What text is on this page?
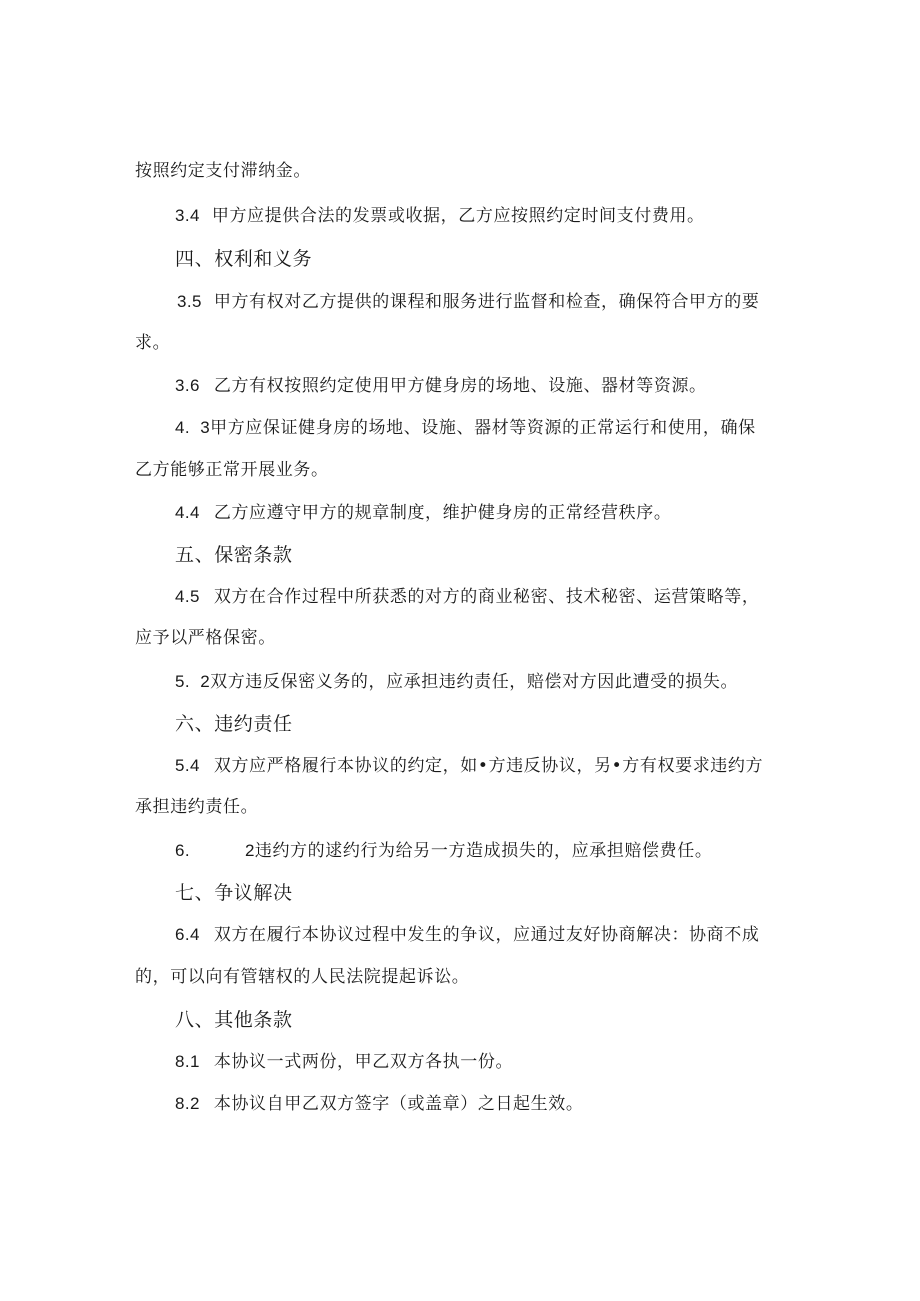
按照约定支付滞纳金。
3.4 甲方应提供合法的发票或收据，乙方应按照约定时间支付费用。
四、权利和义务
3.5 甲方有权对乙方提供的课程和服务进行监督和检查，确保符合甲方的要
求。
3.6 乙方有权按照约定使用甲方健身房的场地、设施、器材等资源。
4.  3甲方应保证健身房的场地、设施、器材等资源的正常运行和使用，确保
乙方能够正常开展业务。
4.4 乙方应遵守甲方的规章制度，维护健身房的正常经营秩序。
五、保密条款
4.5 双方在合作过程中所获悉的对方的商业秘密、技术秘密、运营策略等，
应予以严格保密。
5.  2双方违反保密义务的，应承担违约责任，赔偿对方因此遭受的损失。
六、违约责任
5.4 双方应严格履行本协议的约定，如•方违反协议，另•方有权要求违约方
承担违约责任。
6.	2违约方的逑约行为给另一方造成损失的，应承担赔偿费任。
七、争议解决
6.4 双方在履行本协议过程中发生的争议，应通过友好协商解决：协商不成
的，可以向有管辖权的人民法院提起诉讼。
八、其他条款
8.1 本协议一式两份，甲乙双方各执一份。
8.2 本协议自甲乙双方签字（或盖章）之日起生效。
